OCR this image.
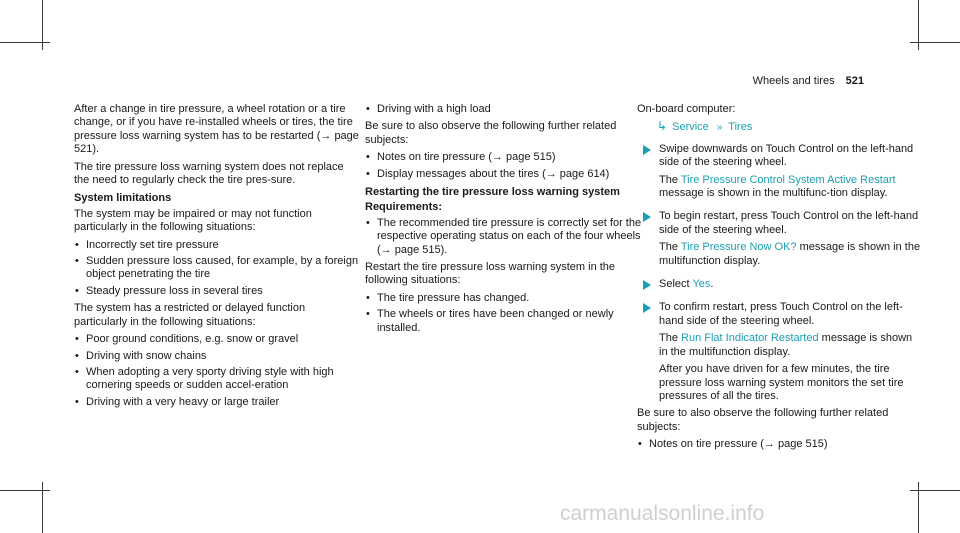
Wheels and tires 521

After a change in tire pressure, a wheel rotation or a tire change, or if you have re-installed wheels or tires, the tire pressure loss warning system has to be restarted (→ page 521).

The tire pressure loss warning system does not replace the need to regularly check the tire pres-sure.

System limitations

The system may be impaired or may not function particularly in the following situations:

• Incorrectly set tire pressure
• Sudden pressure loss caused, for example, by a foreign object penetrating the tire
• Steady pressure loss in several tires

The system has a restricted or delayed function particularly in the following situations:

• Poor ground conditions, e.g. snow or gravel
• Driving with snow chains
• When adopting a very sporty driving style with high cornering speeds or sudden accel-eration
• Driving with a very heavy or large trailer
• Driving with a high load

Be sure to also observe the following further related subjects:

• Notes on tire pressure (→ page 515)
• Display messages about the tires (→ page 614)

Restarting the tire pressure loss warning system

Requirements:

• The recommended tire pressure is correctly set for the respective operating status on each of the four wheels (→ page 515).

Restart the tire pressure loss warning system in the following situations:

• The tire pressure has changed.
• The wheels or tires have been changed or newly installed.

On-board computer:

↳ Service » Tires

Swipe downwards on Touch Control on the left-hand side of the steering wheel.

The Tire Pressure Control System Active Restart message is shown in the multifunc-tion display.

To begin restart, press Touch Control on the left-hand side of the steering wheel.

The Tire Pressure Now OK? message is shown in the multifunction display.

Select Yes.

To confirm restart, press Touch Control on the left-hand side of the steering wheel.

The Run Flat Indicator Restarted message is shown in the multifunction display.

After you have driven for a few minutes, the tire pressure loss warning system monitors the set tire pressures of all the tires.

Be sure to also observe the following further related subjects:

• Notes on tire pressure (→ page 515)
carmanualsonline.info
